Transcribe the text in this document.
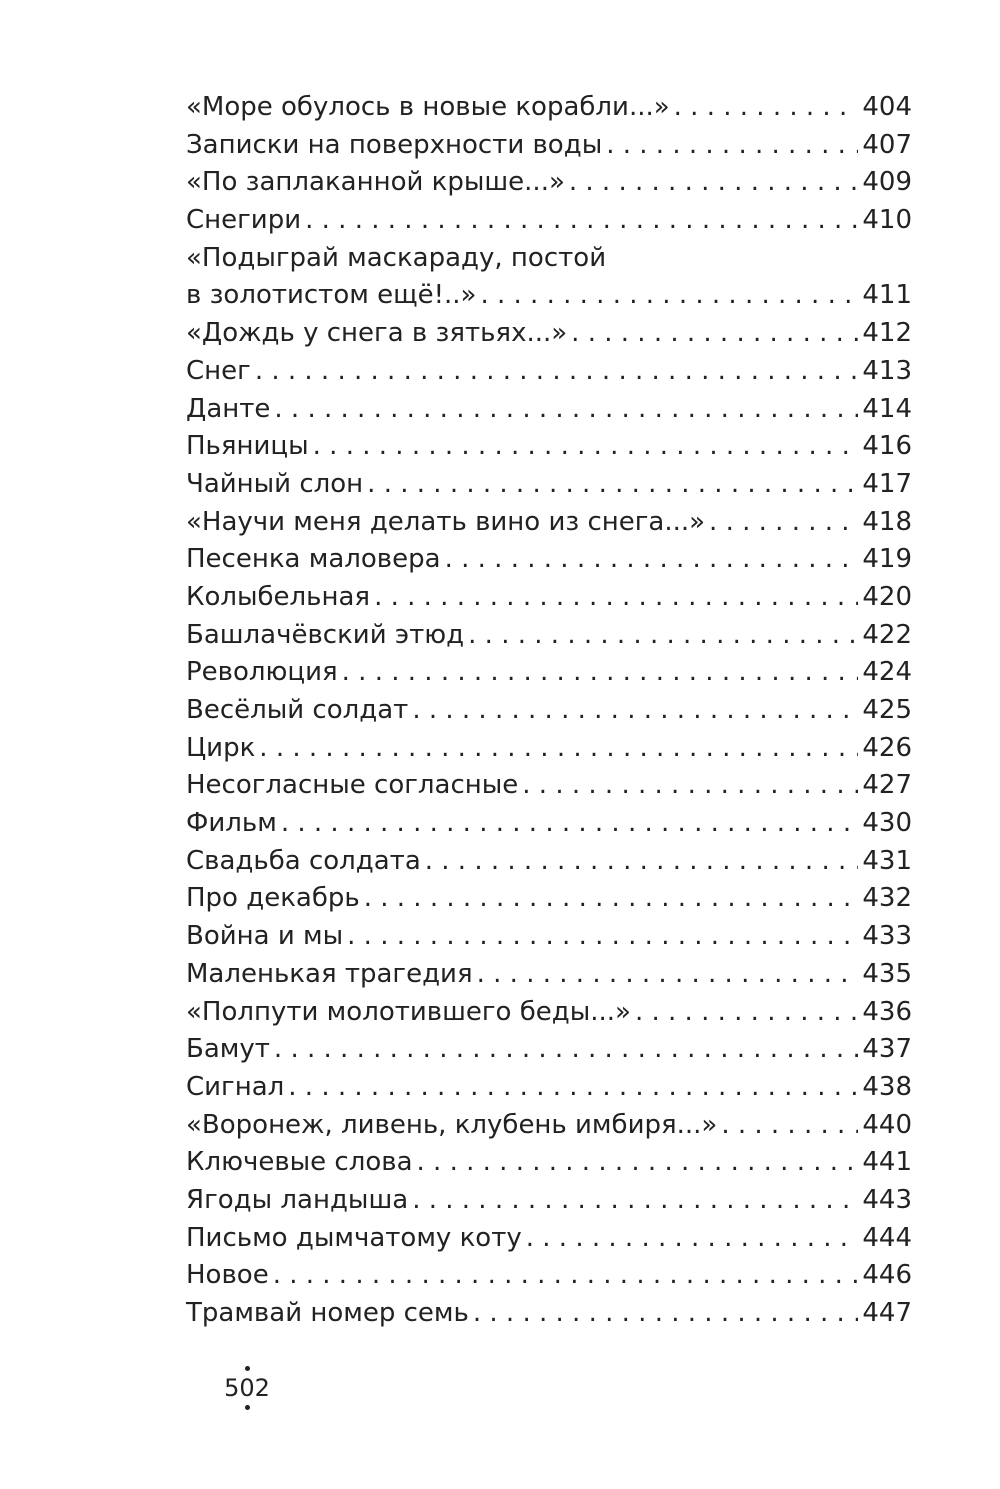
«Море обулось в новые корабли...» . . .	404
Записки на поверхности воды . . .	407
«По заплаканной крыше...» . . .	409
Снегири . . .	410
«Подыграй маскараду, постой
в золотистом ещё!..» . . .	411
«Дождь у снега в зятьях...» . . .	412
Снег . . .	413
Данте . . .	414
Пьяницы . . .	416
Чайный слон . . .	417
«Научи меня делать вино из снега...» . . .	418
Песенка маловера . . .	419
Колыбельная . . .	420
Башлачёвский этюд . . .	422
Революция . . .	424
Весёлый солдат . . .	425
Цирк . . .	426
Несогласные согласные . . .	427
Фильм . . .	430
Свадьба солдата . . .	431
Про декабрь . . .	432
Война и мы . . .	433
Маленькая трагедия . . .	435
«Полпути молотившего беды...» . . .	436
Бамут . . .	437
Сигнал . . .	438
«Воронеж, ливень, клубень имбиря...» . . .	440
Ключевые слова . . .	441
Ягоды ландыша . . .	443
Письмо дымчатому коту . . .	444
Новое . . .	446
Трамвай номер семь . . .	447
502
